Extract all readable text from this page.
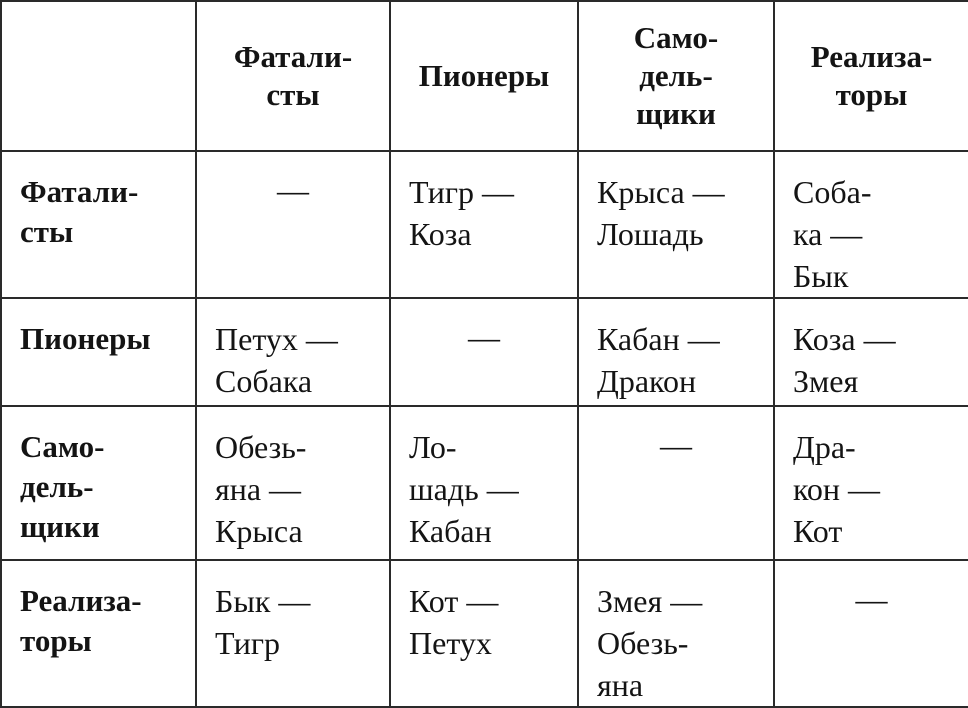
	Фатали-
сты	Пионеры	Само-
дель-
щики	Реализа-
торы

Фатали-
сты	—	Тигр —
Коза	Крыса —
Лошадь	Соба-
ка —
Бык

Пионеры	Петух —
Собака	—	Кабан —
Дракон	Коза —
Змея

Само-
дель-
щики	Обезь-
яна —
Крыса	Ло-
шадь —
Кабан	—	Дра-
кон —
Кот

Реализа-
торы	Бык —
Тигр	Кот —
Петух	Змея —
Обезь-
яна	—
